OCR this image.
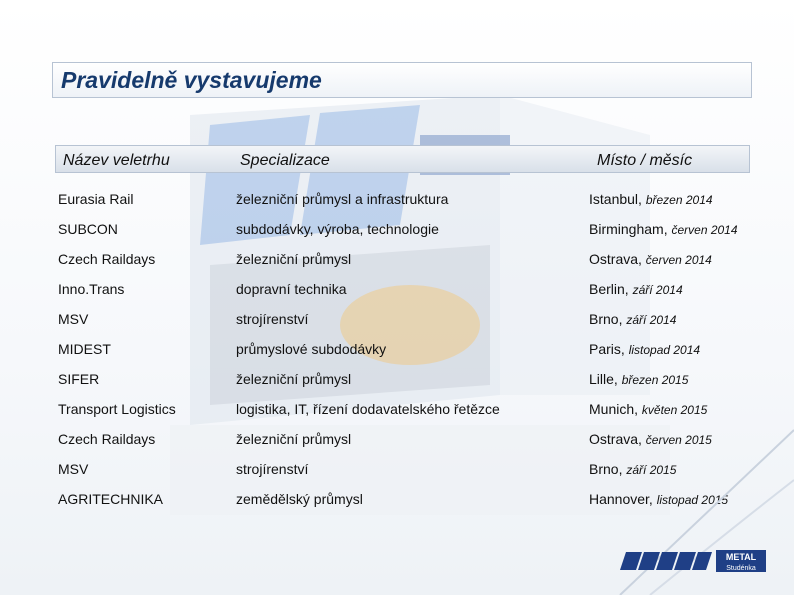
Pravidelně vystavujeme
Název veletrhu	Specializace	Místo / měsíc
Eurasia Rail	železniční průmysl a infrastruktura	Istanbul, březen 2014
SUBCON	subdodávky, výroba, technologie	Birmingham, červen 2014
Czech Raildays	železniční průmysl	Ostrava, červen 2014
Inno.Trans	dopravní technika	Berlin, září 2014
MSV	strojírenství	Brno, září 2014
MIDEST	průmyslové subdodávky	Paris, listopad 2014
SIFER	železniční průmysl	Lille, březen 2015
Transport Logistics	logistika, IT, řízení dodavatelského řetězce	Munich, květen 2015
Czech Raildays	železniční průmysl	Ostrava, červen 2015
MSV	strojírenství	Brno, září 2015
AGRITECHNIKA	zemědělský průmysl	Hannover, listopad 2015
METAL
Studénka
